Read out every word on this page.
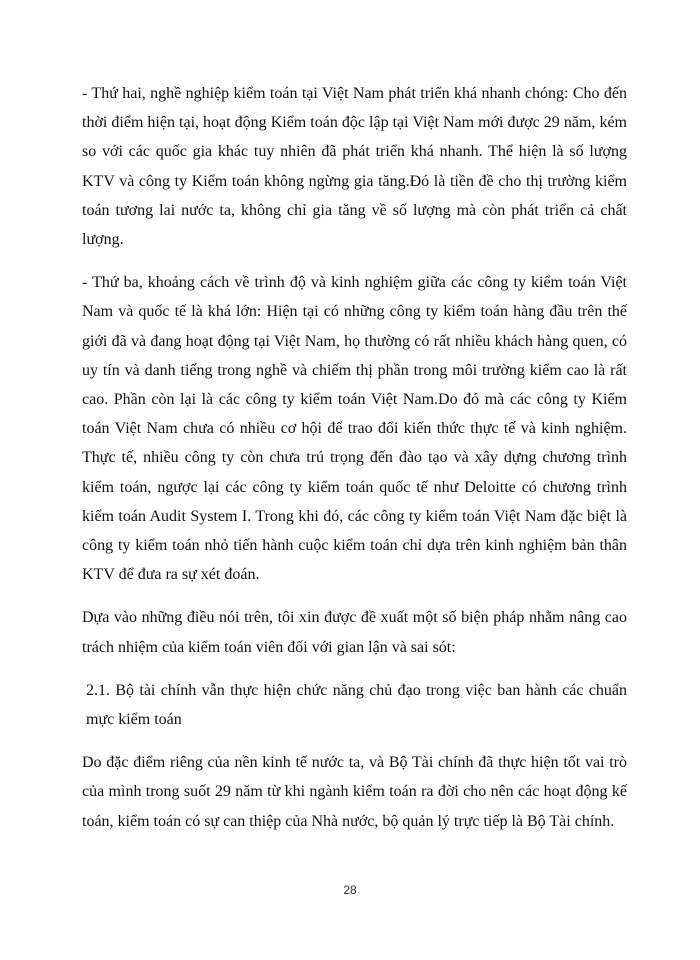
- Thứ hai, nghề nghiệp kiểm toán tại Việt Nam phát triển khá nhanh chóng: Cho đến thời điểm hiện tại, hoạt động Kiểm toán độc lập tại Việt Nam mới được 29 năm, kém so với các quốc gia khác tuy nhiên đã phát triển khá nhanh. Thể hiện là số lượng KTV và công ty Kiểm toán không ngừng gia tăng.Đó là tiền đề cho thị trường kiểm toán tương lai nước ta, không chỉ gia tăng về số lượng mà còn phát triển cả chất lượng.

- Thứ ba, khoảng cách về trình độ và kinh nghiệm giữa các công ty kiểm toán Việt Nam và quốc tế là khá lớn: Hiện tại có những công ty kiểm toán hàng đầu trên thế giới đã và đang hoạt động tại Việt Nam, họ thường có rất nhiều khách hàng quen, có uy tín và danh tiếng trong nghề và chiếm thị phần trong môi trường kiểm cao là rất cao. Phần còn lại là các công ty kiểm toán Việt Nam.Do đó mà các công ty Kiểm toán Việt Nam chưa có nhiều cơ hội để trao đổi kiến thức thực tế và kinh nghiệm. Thực tế, nhiều công ty còn chưa trú trọng đến đào tạo và xây dựng chương trình kiểm toán, ngược lại các công ty kiểm toán quốc tế như Deloitte có chương trình kiểm toán Audit System I. Trong khi đó, các công ty kiểm toán Việt Nam đặc biệt là công ty kiểm toán nhỏ tiến hành cuộc kiểm toán chỉ dựa trên kinh nghiệm bản thân KTV để đưa ra sự xét đoán.

Dựa vào những điều nói trên, tôi xin được đề xuất một số biện pháp nhằm nâng cao trách nhiệm của kiểm toán viên đối với gian lận và sai sót:

2.1. Bộ tài chính vẫn thực hiện chức năng chủ đạo trong việc ban hành các chuẩn mực kiểm toán

Do đặc điểm riêng của nền kinh tế nước ta, và Bộ Tài chính đã thực hiện tốt vai trò của mình trong suốt 29 năm từ khi ngành kiểm toán ra đời cho nên các hoạt động kế toán, kiểm toán có sự can thiệp của Nhà nước, bộ quản lý trực tiếp là Bộ Tài chính.

28
